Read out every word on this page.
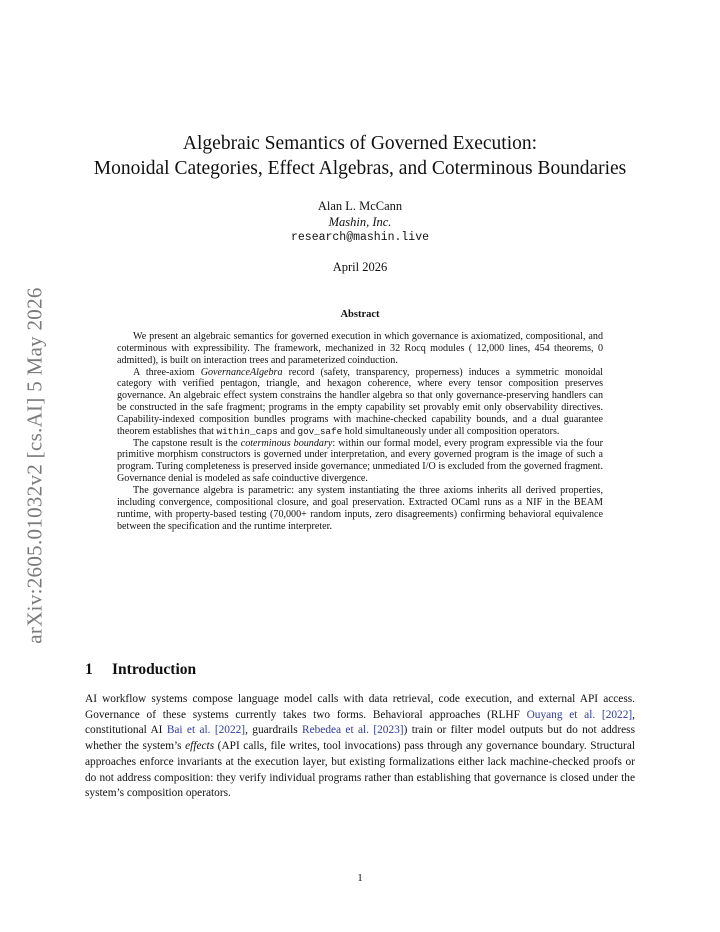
arXiv:2605.01032v2 [cs.AI] 5 May 2026
Algebraic Semantics of Governed Execution:
Monoidal Categories, Effect Algebras, and Coterminous Boundaries
Alan L. McCann
Mashin, Inc.
research@mashin.live
April 2026
Abstract

We present an algebraic semantics for governed execution in which governance is axiomatized, compositional, and coterminous with expressibility. The framework, mechanized in 32 Rocq modules ( 12,000 lines, 454 theorems, 0 admitted), is built on interaction trees and parameterized coinduction.

A three-axiom GovernanceAlgebra record (safety, transparency, properness) induces a symmetric monoidal category with verified pentagon, triangle, and hexagon coherence, where every tensor composition preserves governance. An algebraic effect system constrains the handler algebra so that only governance-preserving handlers can be constructed in the safe fragment; programs in the empty capability set provably emit only observability directives. Capability-indexed composition bundles programs with machine-checked capability bounds, and a dual guarantee theorem establishes that within_caps and gov_safe hold simultaneously under all composition operators.

The capstone result is the coterminous boundary: within our formal model, every program expressible via the four primitive morphism constructors is governed under interpretation, and every governed program is the image of such a program. Turing completeness is preserved inside governance; unmediated I/O is excluded from the governed fragment. Governance denial is modeled as safe coinductive divergence.

The governance algebra is parametric: any system instantiating the three axioms inherits all derived properties, including convergence, compositional closure, and goal preservation. Extracted OCaml runs as a NIF in the BEAM runtime, with property-based testing (70,000+ random inputs, zero disagreements) confirming behavioral equivalence between the specification and the runtime interpreter.

1 Introduction

AI workflow systems compose language model calls with data retrieval, code execution, and external API access. Governance of these systems currently takes two forms. Behavioral approaches (RLHF Ouyang et al. [2022], constitutional AI Bai et al. [2022], guardrails Rebedea et al. [2023]) train or filter model outputs but do not address whether the system’s effects (API calls, file writes, tool invocations) pass through any governance boundary. Structural approaches enforce invariants at the execution layer, but existing formalizations either lack machine-checked proofs or do not address composition: they verify individual programs rather than establishing that governance is closed under the system’s composition operators.

1
